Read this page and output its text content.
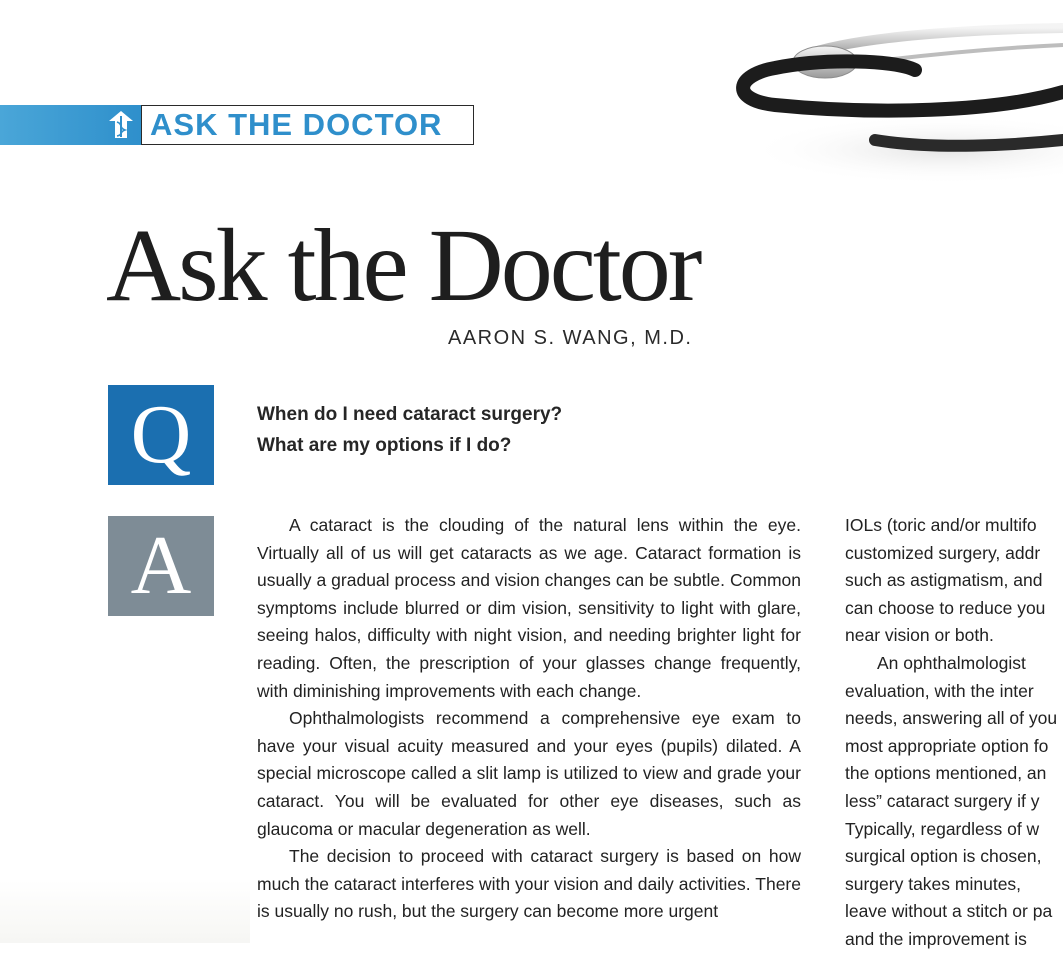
ASK THE DOCTOR
Ask the Doctor
AARON S. WANG, M.D.
Q
A
When do I need cataract surgery?
What are my options if I do?

A cataract is the clouding of the natural lens within the eye. Virtually all of us will get cataracts as we age. Cataract formation is usually a gradual process and vision changes can be subtle. Common symptoms include blurred or dim vision, sensitivity to light with glare, seeing halos, difficulty with night vision, and needing brighter light for reading. Often, the prescription of your glasses change frequently, with diminishing improvements with each change.

Ophthalmologists recommend a comprehensive eye exam to have your visual acuity measured and your eyes (pupils) dilated. A special microscope called a slit lamp is utilized to view and grade your cataract. You will be evaluated for other eye diseases, such as glaucoma or macular degeneration as well.

The decision to proceed with cataract surgery is based on how much the cataract interferes with your vision and daily activities. There is usually no rush, but the surgery can become more urgent

IOLs (toric and/or multifo
customized surgery, addr
such as astigmatism, and
can choose to reduce you
near vision or both.
An ophthalmologist
evaluation, with the inter
needs, answering all of you
most appropriate option fo
the options mentioned, an
less” cataract surgery if y
Typically, regardless of w
surgical option is chosen,
surgery takes minutes,
leave without a stitch or pa
and the improvement is
